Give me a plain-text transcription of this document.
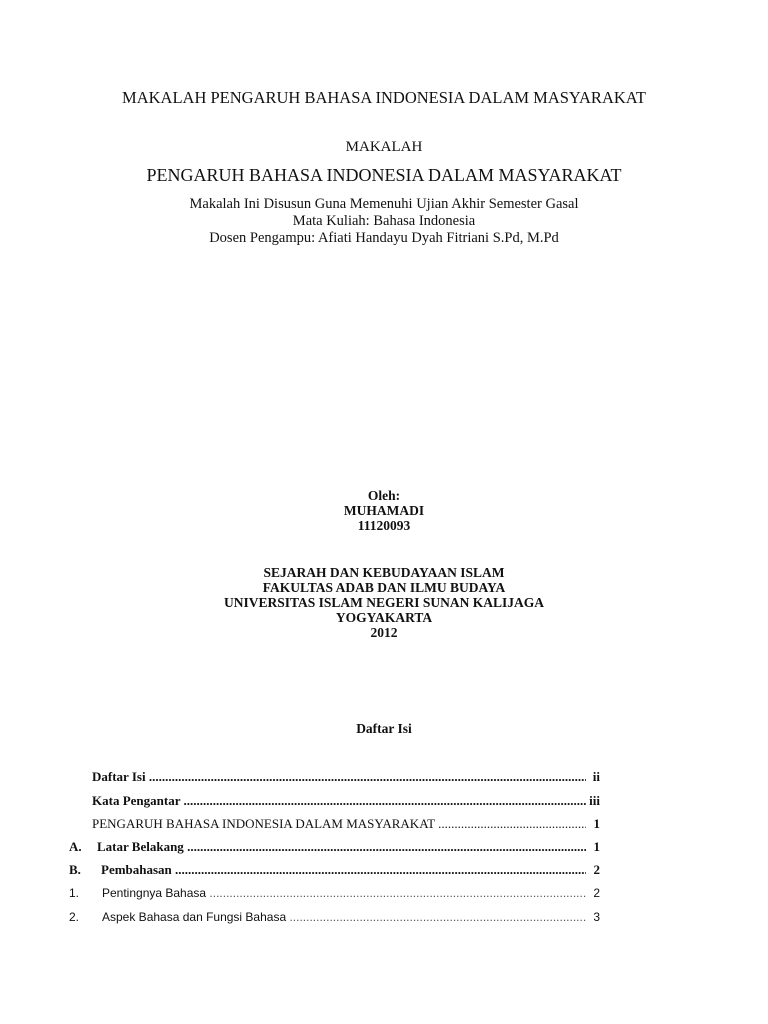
MAKALAH PENGARUH BAHASA INDONESIA DALAM MASYARAKAT
MAKALAH
PENGARUH BAHASA INDONESIA DALAM MASYARAKAT
Makalah Ini Disusun Guna Memenuhi Ujian Akhir Semester Gasal
Mata Kuliah: Bahasa Indonesia
Dosen Pengampu: Afiati Handayu Dyah Fitriani S.Pd, M.Pd
Oleh:
MUHAMADI
11120093
SEJARAH DAN KEBUDAYAAN ISLAM
FAKULTAS ADAB DAN ILMU BUDAYA
UNIVERSITAS ISLAM NEGERI SUNAN KALIJAGA
YOGYAKARTA
2012
Daftar Isi
Daftar Isi .....	ii
Kata Pengantar .....	iii
PENGARUH BAHASA INDONESIA DALAM MASYARAKAT .....	1
A. Latar Belakang .....	1
B. Pembahasan .....	2
1. Pentingnya Bahasa .....	2
2. Aspek Bahasa dan Fungsi Bahasa .....	3
